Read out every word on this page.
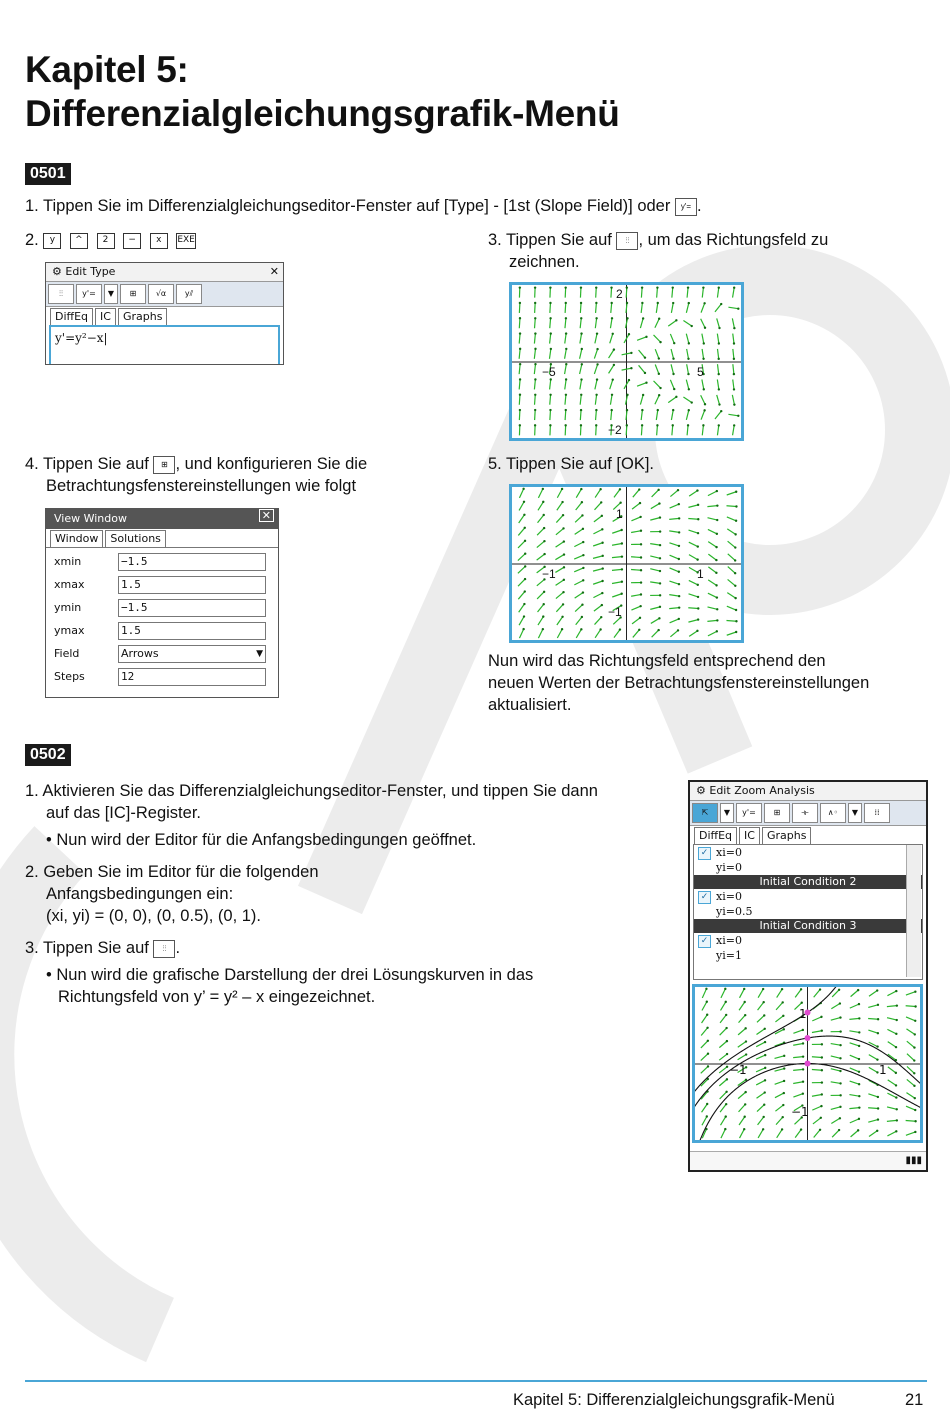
Kapitel 5:
Differenzialgleichungsgrafik-Menü
0501
1. Tippen Sie im Differenzialgleichungseditor-Fenster auf [Type] - [1st (Slope Field)] oder y'= .
2. y ^ 2 − x EXE
⚙ Edit Type	✕
⫶⫶	y'=	▼	⊞	√α	y⫽
DiffEq	IC	Graphs
y'=y²−x|
3. Tippen Sie auf ⫶⫶ , um das Richtungsfeld zu
zeichnen.
2
−2
−5	5
4. Tippen Sie auf ⊞ , und konfigurieren Sie die
Betrachtungsfenstereinstellungen wie folgt
View Window	✕
Window	Solutions
xmin	−1.5
xmax	1.5
ymin	−1.5
ymax	1.5
Field	Arrows	▼
Steps	12
5. Tippen Sie auf [OK].
1
−1
−1	1
Nun wird das Richtungsfeld entsprechend den
neuen Werten der Betrachtungsfenstereinstellungen
aktualisiert.
0502
1. Aktivieren Sie das Differenzialgleichungseditor-Fenster, und tippen Sie dann
auf das [IC]-Register.
• Nun wird der Editor für die Anfangsbedingungen geöffnet.
2. Geben Sie im Editor für die folgenden
Anfangsbedingungen ein:
(xi, yi) = (0, 0), (0, 0.5), (0, 1).
3. Tippen Sie auf ⫶⫶ .
• Nun wird die grafische Darstellung der drei Lösungskurven in das
Richtungsfeld von y’ = y² – x eingezeichnet.
⚙ Edit Zoom Analysis
⇱	▼	y'=	⊞	⟛	∧◦	▼	⁞⁞
DiffEq	IC	Graphs
✓ xi=0
yi=0
Initial Condition 2
✓ xi=0
yi=0.5
Initial Condition 3
✓ xi=0
yi=1
1
−1
−1	1
▮▮▮
Kapitel 5: Differenzialgleichungsgrafik-Menü	21
